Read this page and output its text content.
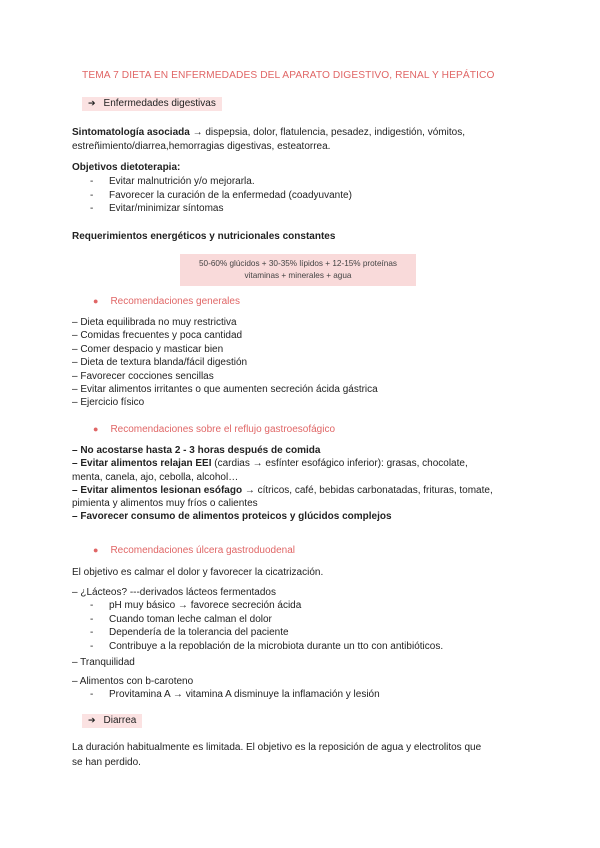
TEMA 7 DIETA EN ENFERMEDADES DEL APARATO DIGESTIVO, RENAL Y HEPÁTICO
➔ Enfermedades digestivas
Sintomatología asociada → dispepsia, dolor, flatulencia, pesadez, indigestión, vómitos,
estreñimiento/diarrea,hemorragias digestivas, esteatorrea.
Objetivos dietoterapia:
- Evitar malnutrición y/o mejorarla.
- Favorecer la curación de la enfermedad (coadyuvante)
- Evitar/minimizar síntomas
Requerimientos energéticos y nutricionales constantes
50-60% glúcidos + 30-35% lípidos + 12-15% proteínas
vitaminas + minerales + agua
● Recomendaciones generales
– Dieta equilibrada no muy restrictiva
– Comidas frecuentes y poca cantidad
– Comer despacio y masticar bien
– Dieta de textura blanda/fácil digestión
– Favorecer cocciones sencillas
– Evitar alimentos irritantes o que aumenten secreción ácida gástrica
– Ejercicio físico
● Recomendaciones sobre el reflujo gastroesofágico
– No acostarse hasta 2 - 3 horas después de comida
– Evitar alimentos relajan EEI (cardias → esfínter esofágico inferior): grasas, chocolate,
menta, canela, ajo, cebolla, alcohol…
– Evitar alimentos lesionan esófago → cítricos, café, bebidas carbonatadas, frituras, tomate,
pimienta y alimentos muy fríos o calientes
– Favorecer consumo de alimentos proteicos y glúcidos complejos
● Recomendaciones úlcera gastroduodenal
El objetivo es calmar el dolor y favorecer la cicatrización.
– ¿Lácteos? ---derivados lácteos fermentados
- pH muy básico → favorece secreción ácida
- Cuando toman leche calman el dolor
- Dependería de la tolerancia del paciente
- Contribuye a la repoblación de la microbiota durante un tto con antibióticos.
– Tranquilidad
– Alimentos con b-caroteno
- Provitamina A → vitamina A disminuye la inflamación y lesión
➔ Diarrea
La duración habitualmente es limitada. El objetivo es la reposición de agua y electrolitos que
se han perdido.
